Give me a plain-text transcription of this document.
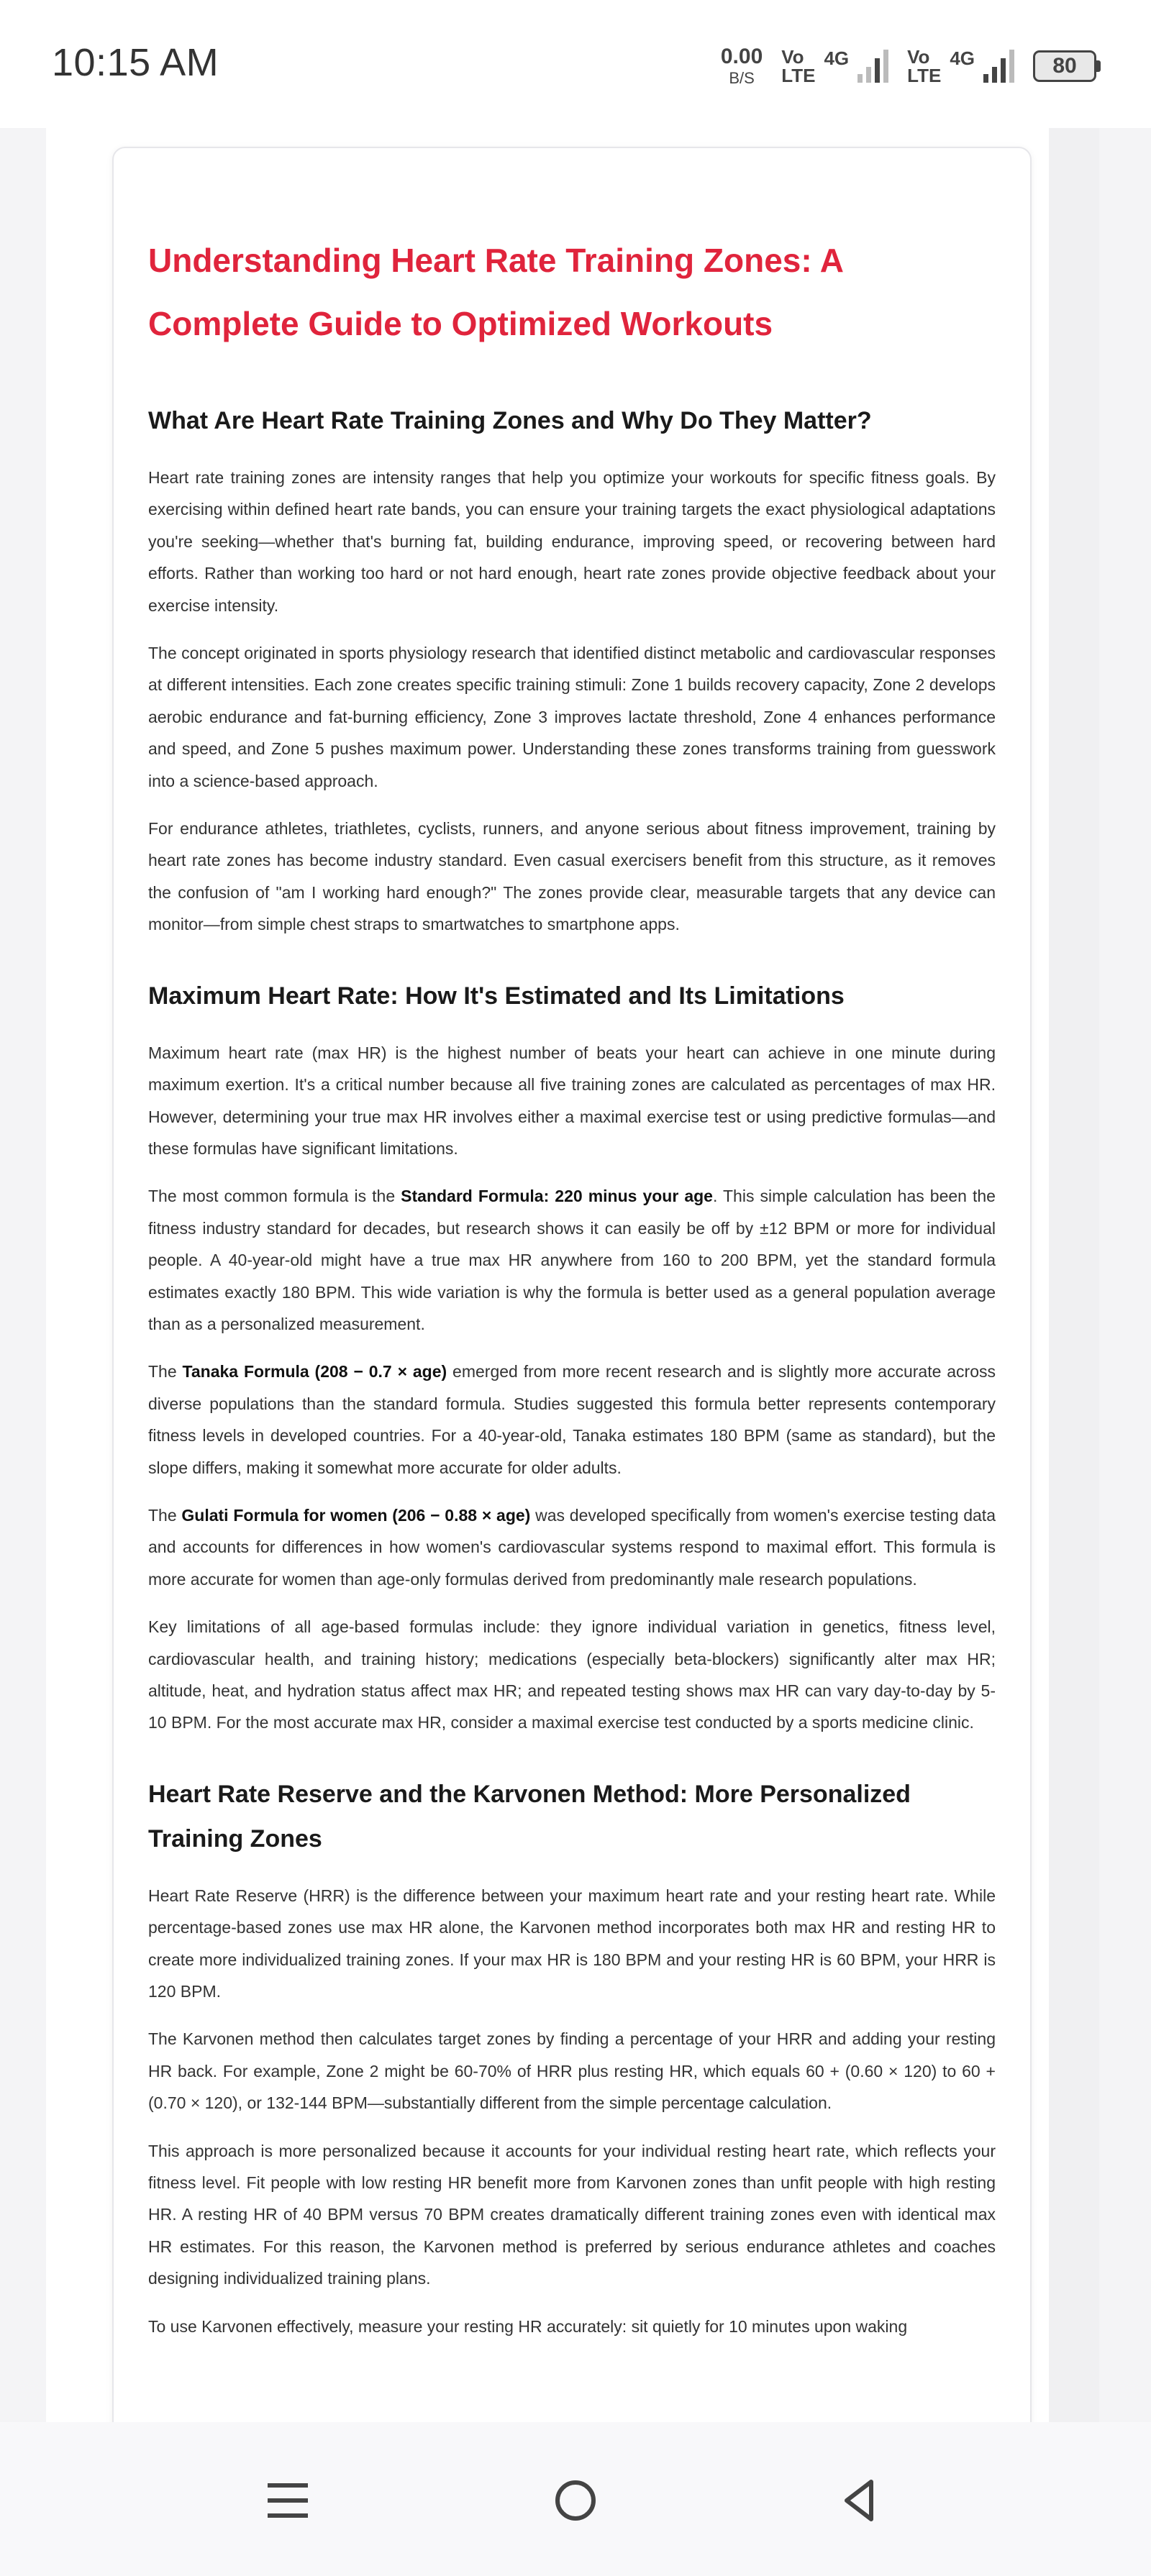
10:15 AM	0.00
B/S
Vo
LTE
4G	Vo
LTE
4G	80
Understanding Heart Rate Training Zones: A Complete Guide to Optimized Workouts
What Are Heart Rate Training Zones and Why Do They Matter?

Heart rate training zones are intensity ranges that help you optimize your workouts for specific fitness goals. By exercising within defined heart rate bands, you can ensure your training targets the exact physiological adaptations you're seeking—whether that's burning fat, building endurance, improving speed, or recovering between hard efforts. Rather than working too hard or not hard enough, heart rate zones provide objective feedback about your exercise intensity.

The concept originated in sports physiology research that identified distinct metabolic and cardiovascular responses at different intensities. Each zone creates specific training stimuli: Zone 1 builds recovery capacity, Zone 2 develops aerobic endurance and fat-burning efficiency, Zone 3 improves lactate threshold, Zone 4 enhances performance and speed, and Zone 5 pushes maximum power. Understanding these zones transforms training from guesswork into a science-based approach.

For endurance athletes, triathletes, cyclists, runners, and anyone serious about fitness improvement, training by heart rate zones has become industry standard. Even casual exercisers benefit from this structure, as it removes the confusion of "am I working hard enough?" The zones provide clear, measurable targets that any device can monitor—from simple chest straps to smartwatches to smartphone apps.

Maximum Heart Rate: How It's Estimated and Its Limitations

Maximum heart rate (max HR) is the highest number of beats your heart can achieve in one minute during maximum exertion. It's a critical number because all five training zones are calculated as percentages of max HR. However, determining your true max HR involves either a maximal exercise test or using predictive formulas—and these formulas have significant limitations.

The most common formula is the Standard Formula: 220 minus your age. This simple calculation has been the fitness industry standard for decades, but research shows it can easily be off by ±12 BPM or more for individual people. A 40-year-old might have a true max HR anywhere from 160 to 200 BPM, yet the standard formula estimates exactly 180 BPM. This wide variation is why the formula is better used as a general population average than as a personalized measurement.

The Tanaka Formula (208 − 0.7 × age) emerged from more recent research and is slightly more accurate across diverse populations than the standard formula. Studies suggested this formula better represents contemporary fitness levels in developed countries. For a 40-year-old, Tanaka estimates 180 BPM (same as standard), but the slope differs, making it somewhat more accurate for older adults.

The Gulati Formula for women (206 − 0.88 × age) was developed specifically from women's exercise testing data and accounts for differences in how women's cardiovascular systems respond to maximal effort. This formula is more accurate for women than age-only formulas derived from predominantly male research populations.

Key limitations of all age-based formulas include: they ignore individual variation in genetics, fitness level, cardiovascular health, and training history; medications (especially beta-blockers) significantly alter max HR; altitude, heat, and hydration status affect max HR; and repeated testing shows max HR can vary day-to-day by 5-10 BPM. For the most accurate max HR, consider a maximal exercise test conducted by a sports medicine clinic.

Heart Rate Reserve and the Karvonen Method: More Personalized Training Zones

Heart Rate Reserve (HRR) is the difference between your maximum heart rate and your resting heart rate. While percentage-based zones use max HR alone, the Karvonen method incorporates both max HR and resting HR to create more individualized training zones. If your max HR is 180 BPM and your resting HR is 60 BPM, your HRR is 120 BPM.

The Karvonen method then calculates target zones by finding a percentage of your HRR and adding your resting HR back. For example, Zone 2 might be 60-70% of HRR plus resting HR, which equals 60 + (0.60 × 120) to 60 + (0.70 × 120), or 132-144 BPM—substantially different from the simple percentage calculation.

This approach is more personalized because it accounts for your individual resting heart rate, which reflects your fitness level. Fit people with low resting HR benefit more from Karvonen zones than unfit people with high resting HR. A resting HR of 40 BPM versus 70 BPM creates dramatically different training zones even with identical max HR estimates. For this reason, the Karvonen method is preferred by serious endurance athletes and coaches designing individualized training plans.

To use Karvonen effectively, measure your resting HR accurately: sit quietly for 10 minutes upon waking
